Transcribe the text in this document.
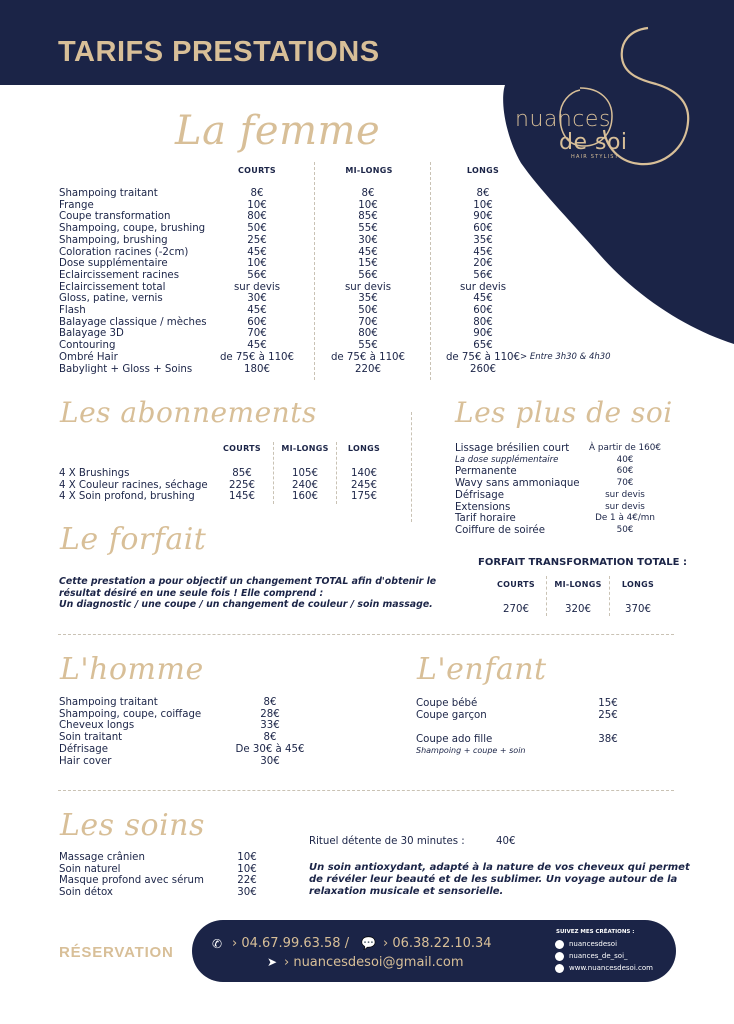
TARIFS PRESTATIONS
nuances
de soi
HAIR STYLIST
La femme
COURTS	MI-LONGS	LONGS
Shampoing traitant	8€	8€	8€
Frange	10€	10€	10€
Coupe transformation	80€	85€	90€
Shampoing, coupe, brushing	50€	55€	60€
Shampoing, brushing	25€	30€	35€
Coloration racines (-2cm)	45€	45€	45€
Dose supplémentaire	10€	15€	20€
Eclaircissement racines	56€	56€	56€
Eclaircissement total	sur devis	sur devis	sur devis
Gloss, patine, vernis	30€	35€	45€
Flash	45€	50€	60€
Balayage classique / mèches	60€	70€	80€
Balayage 3D	70€	80€	90€
Contouring	45€	55€	65€
Ombré Hair	de 75€ à 110€	de 75€ à 110€	de 75€ à 110€
Babylight + Gloss + Soins	180€	220€	260€
> Entre 3h30 & 4h30
Les abonnements
COURTS	MI-LONGS	LONGS
4 X Brushings	85€	105€	140€
4 X Couleur racines, séchage	225€	240€	245€
4 X Soin profond, brushing	145€	160€	175€
Les plus de soi
Lissage brésilien court	À partir de 160€
La dose supplémentaire	40€
Permanente	60€
Wavy sans ammoniaque	70€
Défrisage	sur devis
Extensions	sur devis
Tarif horaire	De 1 à 4€/mn
Coiffure de soirée	50€
Le forfait
Cette prestation a pour objectif un changement TOTAL afin d'obtenir le
résultat désiré en une seule fois ! Elle comprend :
Un diagnostic / une coupe / un changement de couleur / soin massage.
FORFAIT TRANSFORMATION TOTALE :
COURTS	MI-LONGS	LONGS
270€	320€	370€
L'homme
Shampoing traitant	8€
Shampoing, coupe, coiffage	28€
Cheveux longs	33€
Soin traitant	8€
Défrisage	De 30€ à 45€
Hair cover	30€
L'enfant
Coupe bébé	15€
Coupe garçon	25€
Coupe ado fille	38€
Shampoing + coupe + soin
Les soins
Massage crânien	10€
Soin naturel	10€
Masque profond avec sérum	22€
Soin détox	30€
Rituel détente de 30 minutes :	40€
Un soin antioxydant, adapté à la nature de vos cheveux qui permet
de révéler leur beauté et de les sublimer. Un voyage autour de la
relaxation musicale et sensorielle.
RÉSERVATION	✆ › 04.67.99.63.58 / 💬 › 06.38.22.10.34
➤ › nuancesdesoi@gmail.com
SUIVEZ MES CRÉATIONS :
nuancesdesoi
nuances_de_soi_
www.nuancesdesoi.com
